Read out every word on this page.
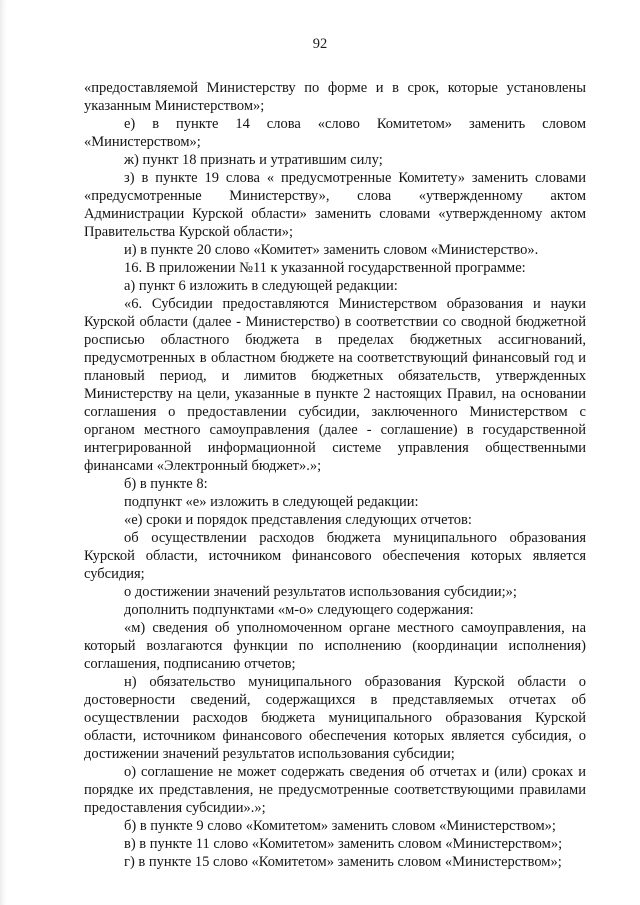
92

«предоставляемой Министерству по форме и в срок, которые установлены указанным Министерством»;

е) в пункте 14 слова «слово Комитетом» заменить словом «Министерством»;

ж) пункт 18 признать и утратившим силу;

з) в пункте 19 слова « предусмотренные Комитету» заменить словами «предусмотренные Министерству», слова «утвержденному актом Администрации Курской области» заменить словами «утвержденному актом Правительства Курской области»;

и) в пункте 20 слово «Комитет» заменить словом «Министерство».

16. В приложении №11 к указанной государственной программе:

а) пункт 6 изложить в следующей редакции:

«6. Субсидии предоставляются Министерством образования и науки Курской области (далее - Министерство) в соответствии со сводной бюджетной росписью областного бюджета в пределах бюджетных ассигнований, предусмотренных в областном бюджете на соответствующий финансовый год и плановый период, и лимитов бюджетных обязательств, утвержденных Министерству на цели, указанные в пункте 2 настоящих Правил, на основании соглашения о предоставлении субсидии, заключенного Министерством с органом местного самоуправления (далее - соглашение) в государственной интегрированной информационной системе управления общественными финансами «Электронный бюджет».»;

б) в пункте 8:

подпункт «е» изложить в следующей редакции:

«е) сроки и порядок представления следующих отчетов:

об осуществлении расходов бюджета муниципального образования Курской области, источником финансового обеспечения которых является субсидия;

о достижении значений результатов использования субсидии;»;

дополнить подпунктами «м-о» следующего содержания:

«м) сведения об уполномоченном органе местного самоуправления, на который возлагаются функции по исполнению (координации исполнения) соглашения, подписанию отчетов;

н) обязательство муниципального образования Курской области о достоверности сведений, содержащихся в представляемых отчетах об осуществлении расходов бюджета муниципального образования Курской области, источником финансового обеспечения которых является субсидия, о достижении значений результатов использования субсидии;

о) соглашение не может содержать сведения об отчетах и (или) сроках и порядке их представления, не предусмотренные соответствующими правилами предоставления субсидии».»;

б) в пункте 9 слово «Комитетом» заменить словом «Министерством»;

в) в пункте 11 слово «Комитетом» заменить словом «Министерством»;

г) в пункте 15 слово «Комитетом» заменить словом «Министерством»;
